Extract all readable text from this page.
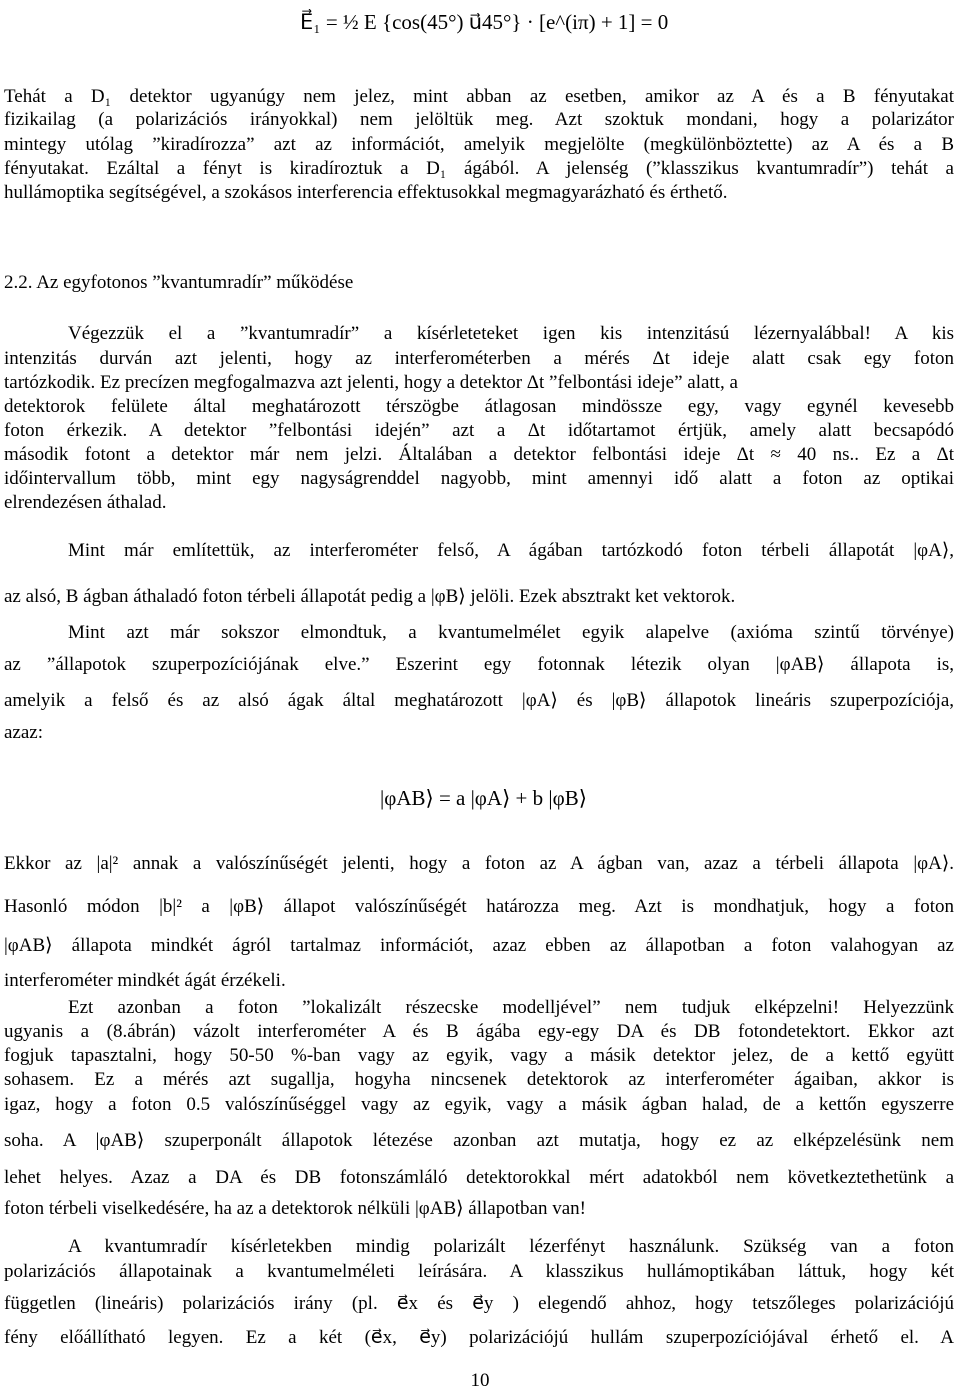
E⃗₁ = ½ E {cos(45°) u⃗45°} · [e^(iπ) + 1] = 0
Tehát a D₁ detektor ugyanúgy nem jelez, mint abban az esetben, amikor az A és a B fényutakat
fizikailag (a polarizációs irányokkal) nem jelöltük meg. Azt szoktuk mondani, hogy a polarizátor
mintegy utólag ”kiradírozza” azt az információt, amelyik megjelölte (megkülönböztette) az A és a B
fényutakat. Ezáltal a fényt is kiradíroztuk a D₁ ágából. A jelenség (”klasszikus kvantumradír”) tehát a
hullámoptika segítségével, a szokásos interferencia effektusokkal megmagyarázható és érthető.
2.2. Az egyfotonos ”kvantumradír” működése
Végezzük el a ”kvantumradír” a kísérleteteket igen kis intenzitású lézernyalábbal! A kis
intenzitás durván azt jelenti, hogy az interferométerben a mérés Δt ideje alatt csak egy foton
tartózkodik. Ez precízen megfogalmazva azt jelenti, hogy a detektor Δt ”felbontási ideje” alatt, a
detektorok felülete által meghatározott térszögbe átlagosan mindössze egy, vagy egynél kevesebb
foton érkezik. A detektor ”felbontási idején” azt a Δt időtartamot értjük, amely alatt becsapódó
második fotont a detektor már nem jelzi. Általában a detektor felbontási ideje Δt ≈ 40 ns.. Ez a Δt
időintervallum több, mint egy nagyságrenddel nagyobb, mint amennyi idő alatt a foton az optikai
elrendezésen áthalad.
Mint már említettük, az interferométer felső, A ágában tartózkodó foton térbeli állapotát |φA⟩,
az alsó, B ágban áthaladó foton térbeli állapotát pedig a |φB⟩ jelöli. Ezek absztrakt ket vektorok.
Mint azt már sokszor elmondtuk, a kvantumelmélet egyik alapelve (axióma szintű törvénye)
az ”állapotok szuperpozíciójának elve.” Eszerint egy fotonnak létezik olyan |φAB⟩ állapota is,
amelyik a felső és az alsó ágak által meghatározott |φA⟩ és |φB⟩ állapotok lineáris szuperpozíciója,
azaz:
|φAB⟩ = a |φA⟩ + b |φB⟩
Ekkor az |a|² annak a valószínűségét jelenti, hogy a foton az A ágban van, azaz a térbeli állapota |φA⟩.
Hasonló módon |b|² a |φB⟩ állapot valószínűségét határozza meg. Azt is mondhatjuk, hogy a foton
|φAB⟩ állapota mindkét ágról tartalmaz információt, azaz ebben az állapotban a foton valahogyan az
interferométer mindkét ágát érzékeli.
Ezt azonban a foton ”lokalizált részecske modelljével” nem tudjuk elképzelni! Helyezzünk
ugyanis a (8.ábrán) vázolt interferométer A és B ágába egy-egy DA és DB fotondetektort. Ekkor azt
fogjuk tapasztalni, hogy 50-50 %-ban vagy az egyik, vagy a másik detektor jelez, de a kettő együtt
sohasem. Ez a mérés azt sugallja, hogyha nincsenek detektorok az interferométer ágaiban, akkor is
igaz, hogy a foton 0.5 valószínűséggel vagy az egyik, vagy a másik ágban halad, de a kettőn egyszerre
soha. A |φAB⟩ szuperponált állapotok létezése azonban azt mutatja, hogy ez az elképzelésünk nem
lehet helyes. Azaz a DA és DB fotonszámláló detektorokkal mért adatokból nem következtethetünk a
foton térbeli viselkedésére, ha az a detektorok nélküli |φAB⟩ állapotban van!
A kvantumradír kísérletekben mindig polarizált lézerfényt használunk. Szükség van a foton
polarizációs állapotainak a kvantumelméleti leírására. A klasszikus hullámoptikában láttuk, hogy két
független (lineáris) polarizációs irány (pl. e⃗x és e⃗y ) elegendő ahhoz, hogy tetszőleges polarizációjú
fény előállítható legyen. Ez a két (e⃗x, e⃗y) polarizációjú hullám szuperpozíciójával érhető el. A
10
